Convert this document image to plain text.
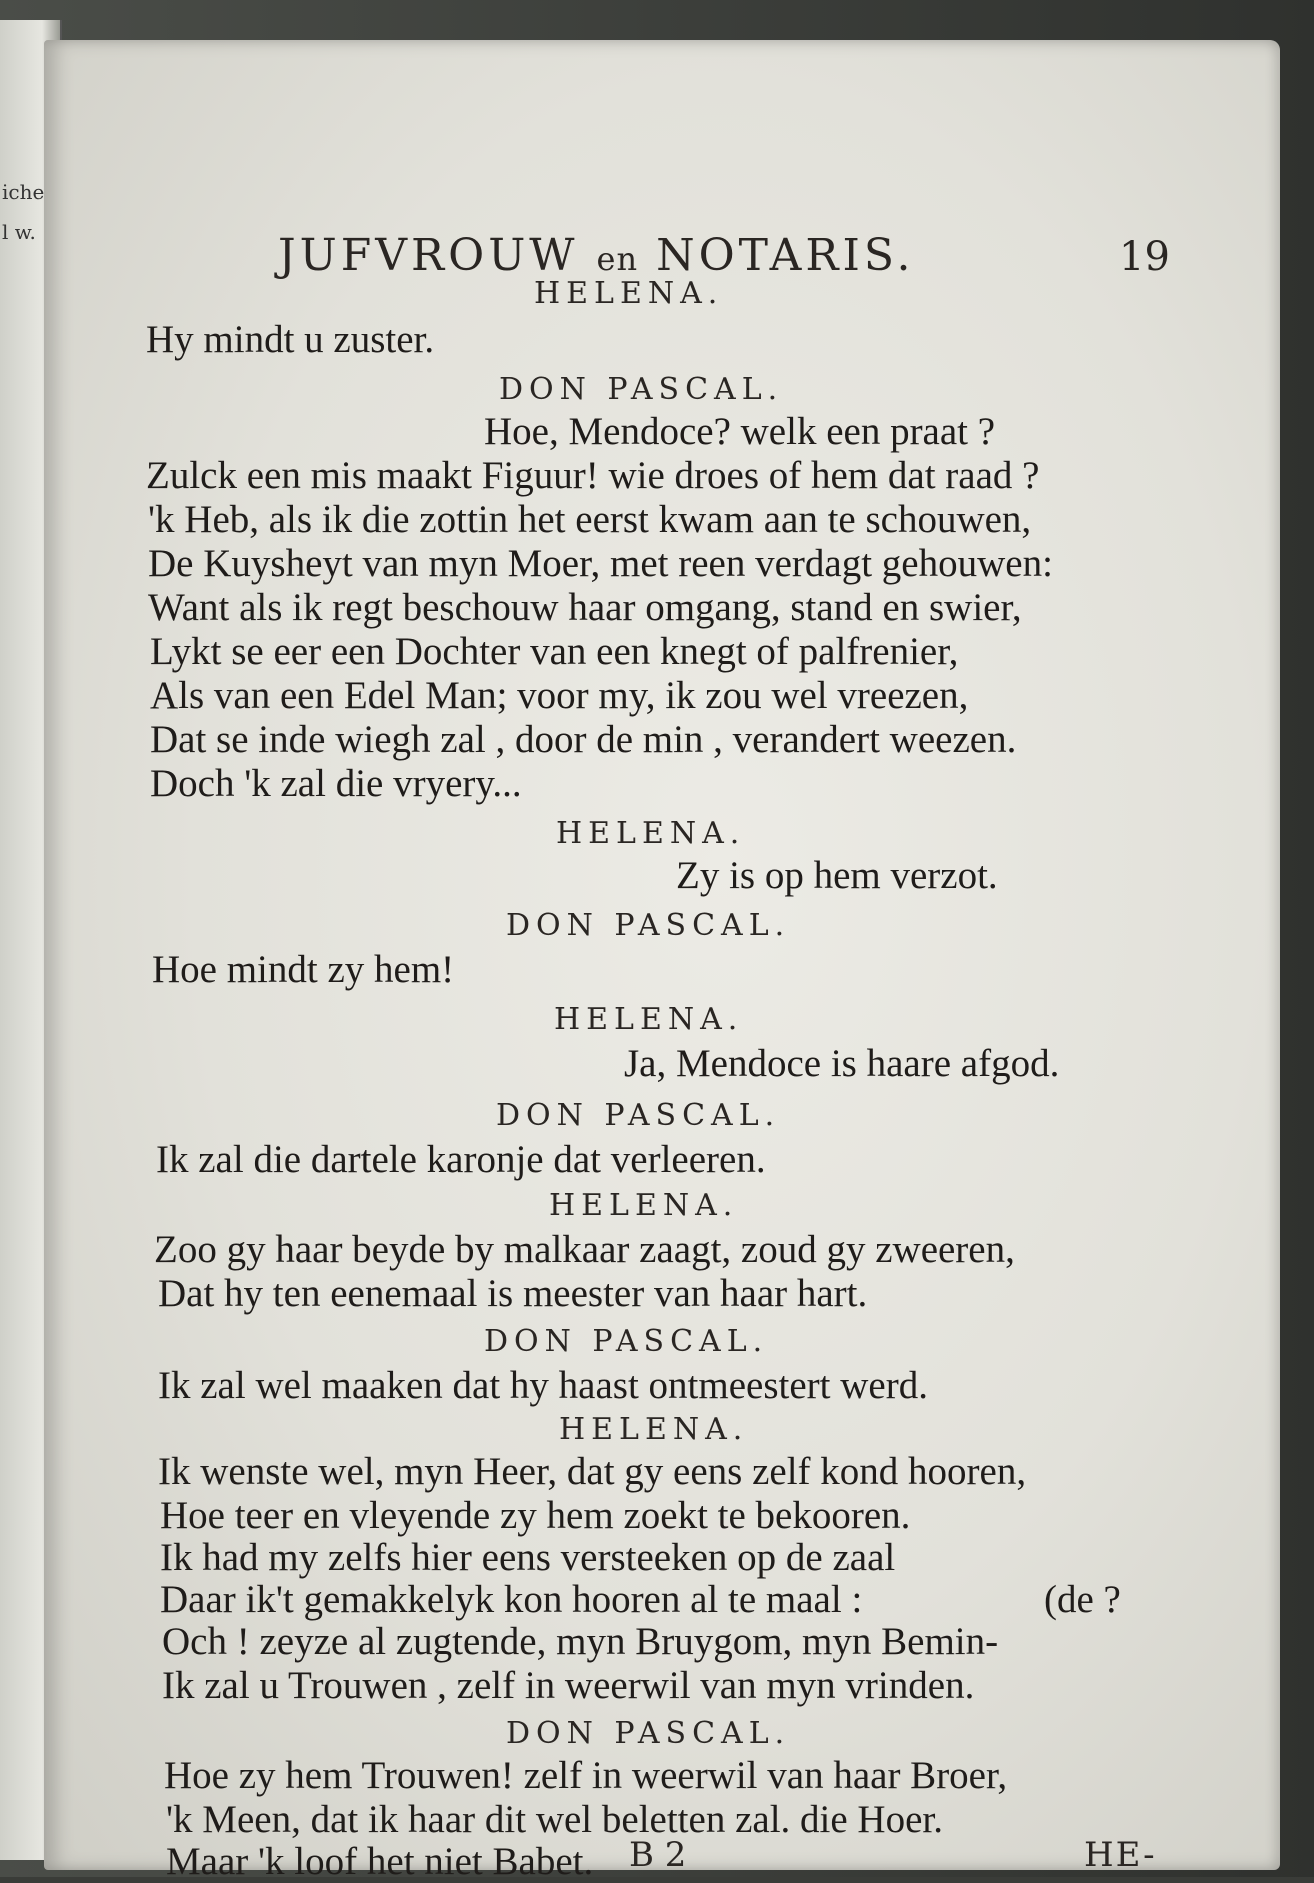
iche
l w.	JUFVROUW en NOTARIS.	19
HELENA.
Hy mindt u zuster.
DON PASCAL.
Hoe, Mendoce? welk een praat ?
Zulck een mis maakt Figuur! wie droes of hem dat raad ?
'k Heb, als ik die zottin het eerst kwam aan te schouwen,
De Kuysheyt van myn Moer, met reen verdagt gehouwen:
Want als ik regt beschouw haar omgang, stand en swier,
Lykt se eer een Dochter van een knegt of palfrenier,
Als van een Edel Man; voor my, ik zou wel vreezen,
Dat se inde wiegh zal , door de min , verandert weezen.
Doch 'k zal die vryery...
HELENA.
Zy is op hem verzot.
DON PASCAL.
Hoe mindt zy hem!
HELENA.
Ja, Mendoce is haare afgod.
DON PASCAL.
Ik zal die dartele karonje dat verleeren.
HELENA.
Zoo gy haar beyde by malkaar zaagt, zoud gy zweeren,
Dat hy ten eenemaal is meester van haar hart.
DON PASCAL.
Ik zal wel maaken dat hy haast ontmeestert werd.
HELENA.
Ik wenste wel, myn Heer, dat gy eens zelf kond hooren,
Hoe teer en vleyende zy hem zoekt te bekooren.
Ik had my zelfs hier eens versteeken op de zaal
Daar ik't gemakkelyk kon hooren al te maal :	(de ?
Och ! zeyze al zugtende, myn Bruygom, myn Bemin-
Ik zal u Trouwen , zelf in weerwil van myn vrinden.
DON PASCAL.
Hoe zy hem Trouwen! zelf in weerwil van haar Broer,
'k Meen, dat ik haar dit wel beletten zal. die Hoer.
Maar 'k loof het niet Babet. B 2	HE-
